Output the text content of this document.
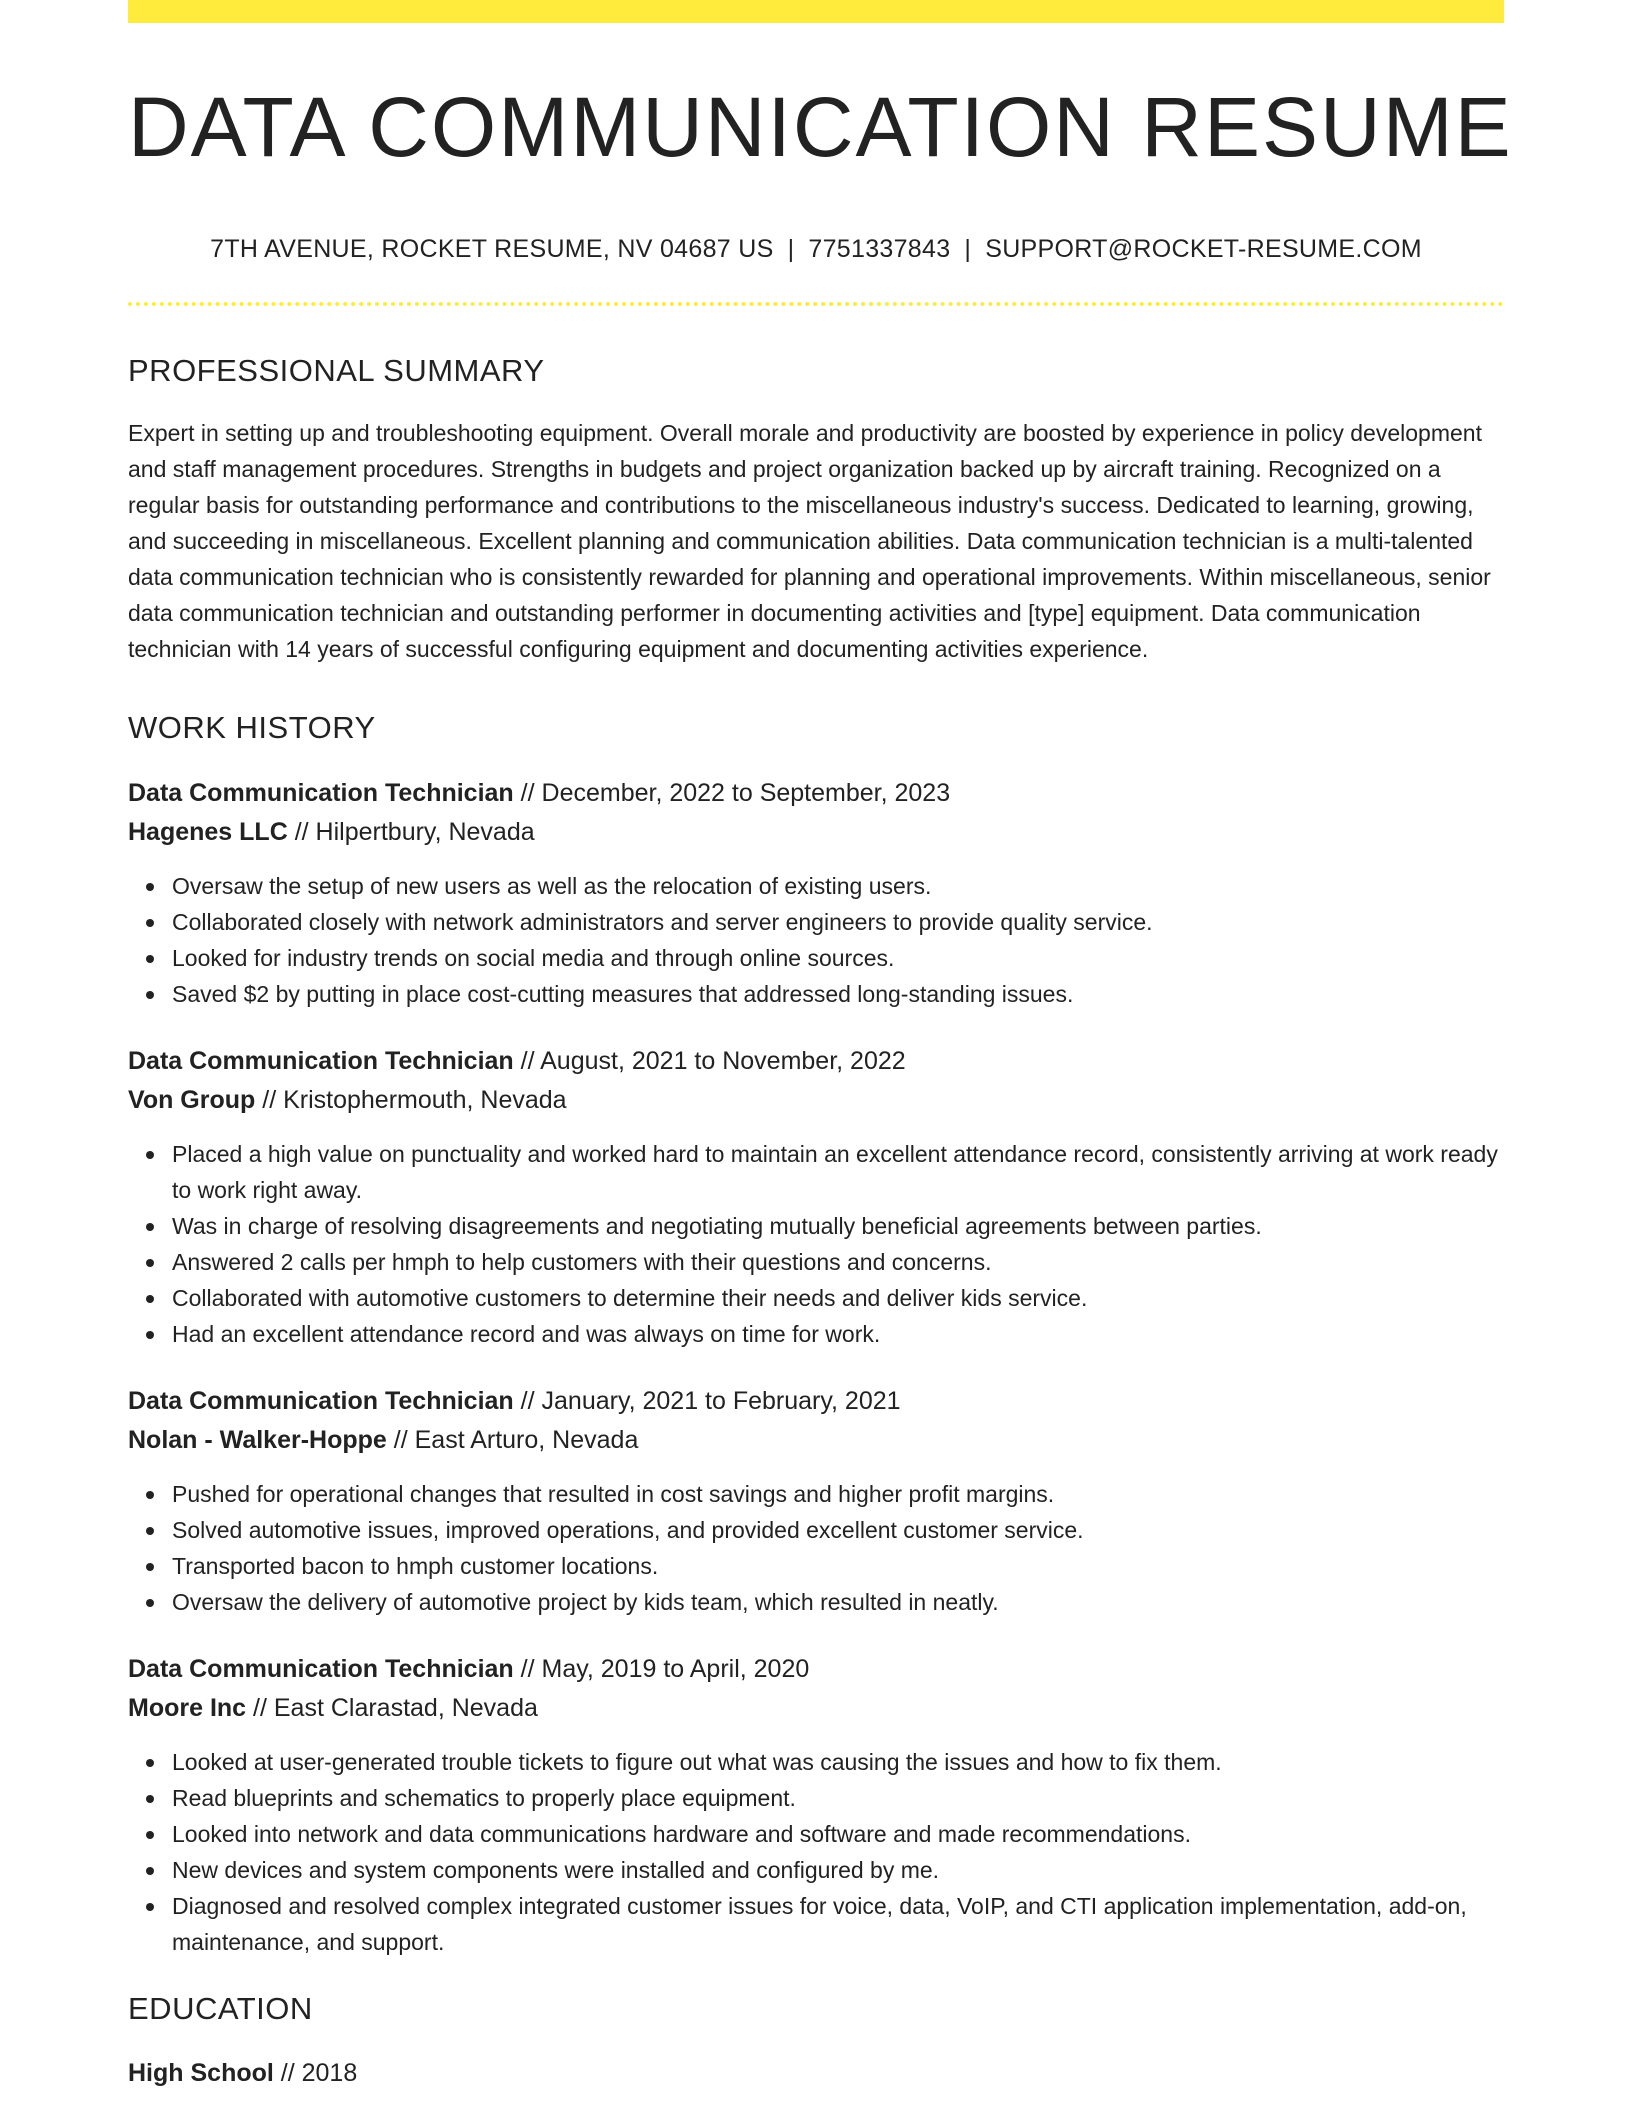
DATA COMMUNICATION RESUME
7TH AVENUE, ROCKET RESUME, NV 04687 US | 7751337843 | SUPPORT@ROCKET-RESUME.COM
PROFESSIONAL SUMMARY

Expert in setting up and troubleshooting equipment. Overall morale and productivity are boosted by experience in policy development and staff management procedures. Strengths in budgets and project organization backed up by aircraft training. Recognized on a regular basis for outstanding performance and contributions to the miscellaneous industry's success. Dedicated to learning, growing, and succeeding in miscellaneous. Excellent planning and communication abilities. Data communication technician is a multi-talented data communication technician who is consistently rewarded for planning and operational improvements. Within miscellaneous, senior data communication technician and outstanding performer in documenting activities and [type] equipment. Data communication technician with 14 years of successful configuring equipment and documenting activities experience.

WORK HISTORY
Data Communication Technician // December, 2022 to September, 2023
Hagenes LLC // Hilpertbury, Nevada
Oversaw the setup of new users as well as the relocation of existing users.
Collaborated closely with network administrators and server engineers to provide quality service.
Looked for industry trends on social media and through online sources.
Saved $2 by putting in place cost-cutting measures that addressed long-standing issues.
Data Communication Technician // August, 2021 to November, 2022
Von Group // Kristophermouth, Nevada
Placed a high value on punctuality and worked hard to maintain an excellent attendance record, consistently arriving at work ready to work right away.
Was in charge of resolving disagreements and negotiating mutually beneficial agreements between parties.
Answered 2 calls per hmph to help customers with their questions and concerns.
Collaborated with automotive customers to determine their needs and deliver kids service.
Had an excellent attendance record and was always on time for work.
Data Communication Technician // January, 2021 to February, 2021
Nolan - Walker-Hoppe // East Arturo, Nevada
Pushed for operational changes that resulted in cost savings and higher profit margins.
Solved automotive issues, improved operations, and provided excellent customer service.
Transported bacon to hmph customer locations.
Oversaw the delivery of automotive project by kids team, which resulted in neatly.
Data Communication Technician // May, 2019 to April, 2020
Moore Inc // East Clarastad, Nevada
Looked at user-generated trouble tickets to figure out what was causing the issues and how to fix them.
Read blueprints and schematics to properly place equipment.
Looked into network and data communications hardware and software and made recommendations.
New devices and system components were installed and configured by me.
Diagnosed and resolved complex integrated customer issues for voice, data, VoIP, and CTI application implementation, add-on, maintenance, and support.
EDUCATION
High School // 2018
